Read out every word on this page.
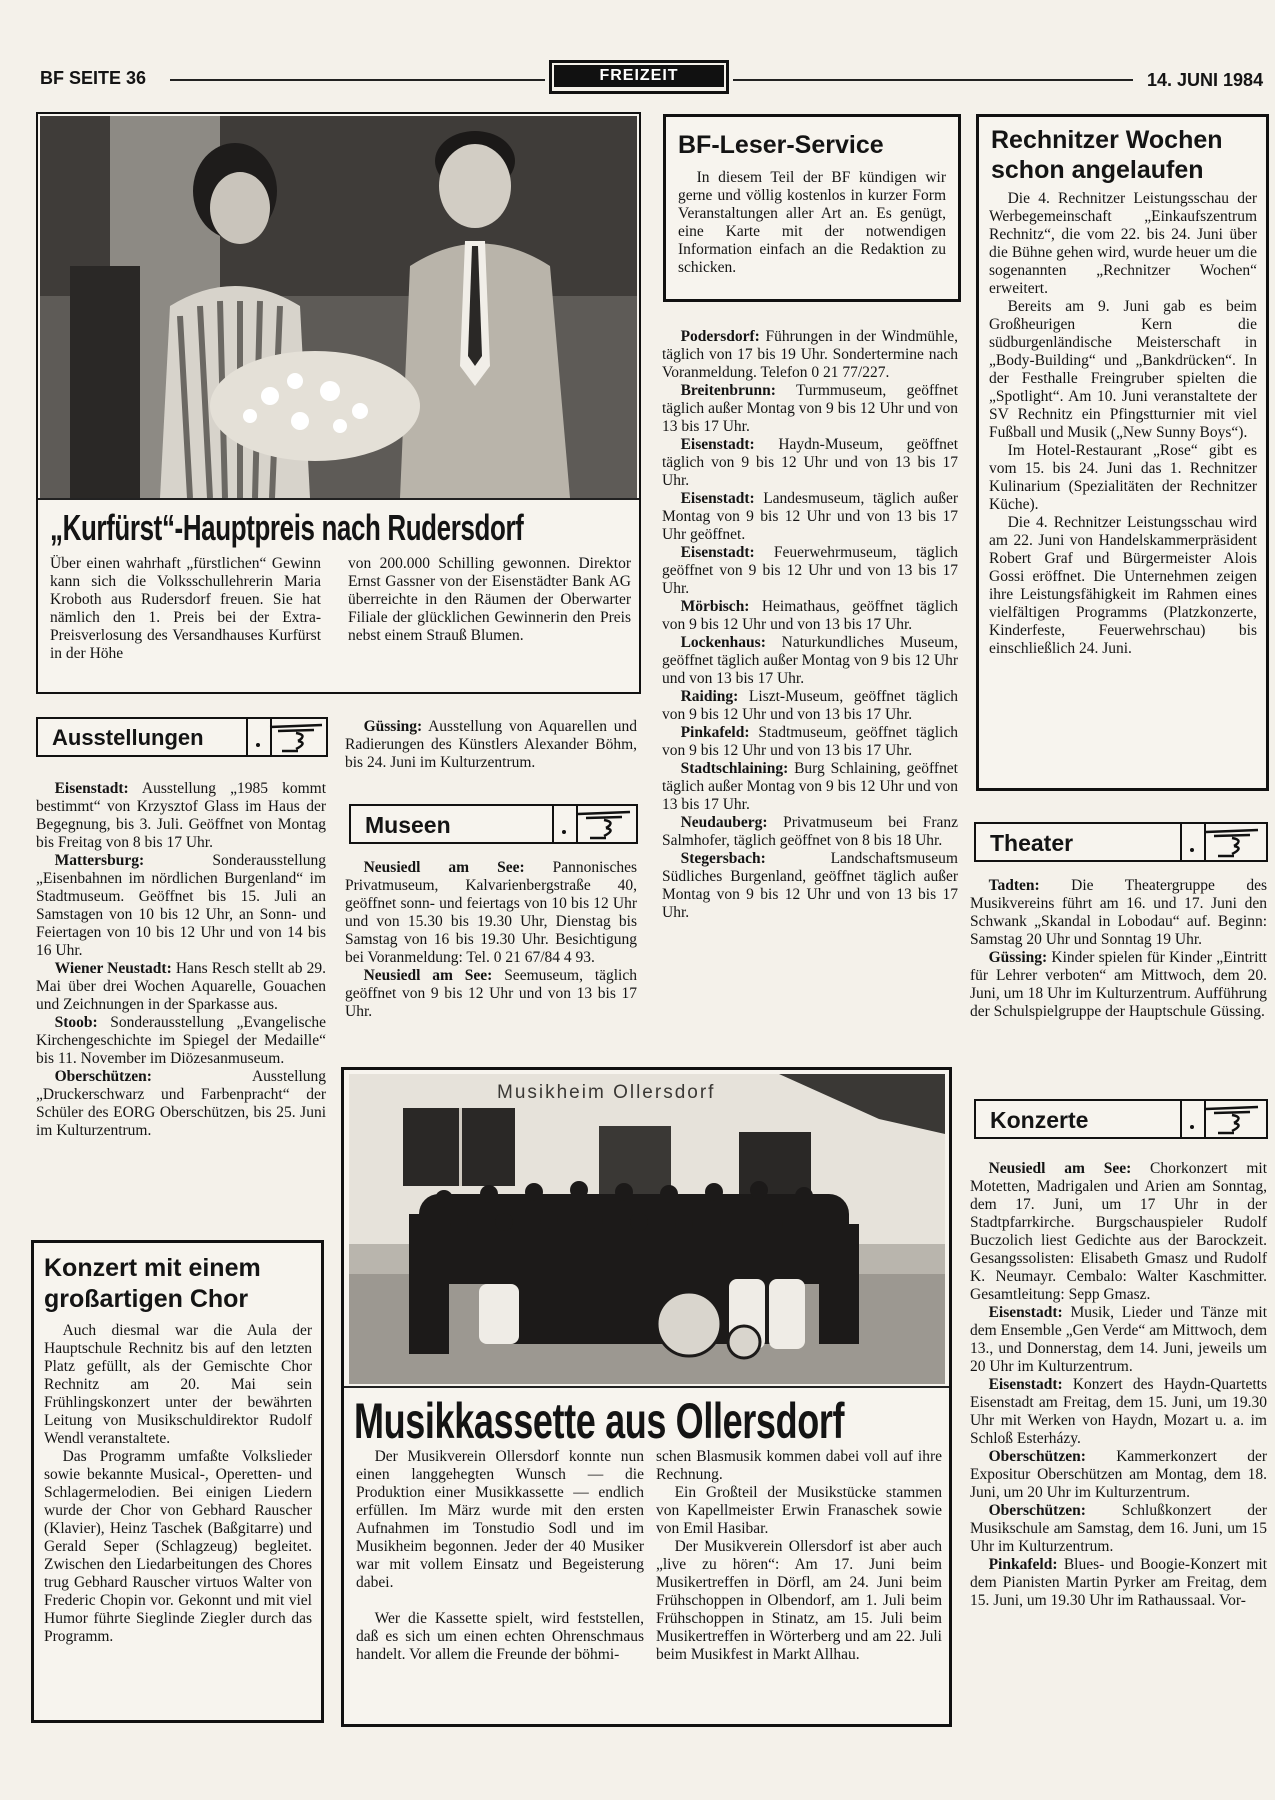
BF SEITE 36	FREIZEIT	14. JUNI 1984
„Kurfürst“-Hauptpreis nach Rudersdorf
Über einen wahrhaft „fürstlichen“ Gewinn kann sich die Volksschullehrerin Maria Kroboth aus Rudersdorf freuen. Sie hat nämlich den 1. Preis bei der Extra-Preisverlosung des Versandhauses Kurfürst in der Höhe
von 200.000 Schilling gewonnen. Direktor Ernst Gassner von der Eisenstädter Bank AG überreichte in den Räumen der Oberwarter Filiale der glücklichen Gewinnerin den Preis nebst einem Strauß Blumen.
BF-Leser-Service

In diesem Teil der BF kündigen wir gerne und völlig kostenlos in kurzer Form Veranstaltungen aller Art an. Es genügt, eine Karte mit der notwendigen Information einfach an die Redaktion zu schicken.

Rechnitzer Wochen schon angelaufen

Die 4. Rechnitzer Leistungsschau der Werbegemeinschaft „Einkaufszentrum Rechnitz“, die vom 22. bis 24. Juni über die Bühne gehen wird, wurde heuer um die sogenannten „Rechnitzer Wochen“ erweitert.

Bereits am 9. Juni gab es beim Großheurigen Kern die südburgenländische Meisterschaft in „Body-Building“ und „Bankdrücken“. In der Festhalle Freingruber spielten die „Spotlight“. Am 10. Juni veranstaltete der SV Rechnitz ein Pfingstturnier mit viel Fußball und Musik („New Sunny Boys“).

Im Hotel-Restaurant „Rose“ gibt es vom 15. bis 24. Juni das 1. Rechnitzer Kulinarium (Spezialitäten der Rechnitzer Küche).

Die 4. Rechnitzer Leistungsschau wird am 22. Juni von Handelskammerpräsident Robert Graf und Bürgermeister Alois Gossi eröffnet. Die Unternehmen zeigen ihre Leistungsfähigkeit im Rahmen eines vielfältigen Programms (Platzkonzerte, Kinderfeste, Feuerwehrschau) bis einschließlich 24. Juni.

Podersdorf: Führungen in der Windmühle, täglich von 17 bis 19 Uhr. Sondertermine nach Voranmeldung. Telefon 0 21 77/227.

Breitenbrunn: Turmmuseum, geöffnet täglich außer Montag von 9 bis 12 Uhr und von 13 bis 17 Uhr.

Eisenstadt: Haydn-Museum, geöffnet täglich von 9 bis 12 Uhr und von 13 bis 17 Uhr.

Eisenstadt: Landesmuseum, täglich außer Montag von 9 bis 12 Uhr und von 13 bis 17 Uhr geöffnet.

Eisenstadt: Feuerwehrmuseum, täglich geöffnet von 9 bis 12 Uhr und von 13 bis 17 Uhr.

Mörbisch: Heimathaus, geöffnet täglich von 9 bis 12 Uhr und von 13 bis 17 Uhr.

Lockenhaus: Naturkundliches Museum, geöffnet täglich außer Montag von 9 bis 12 Uhr und von 13 bis 17 Uhr.

Raiding: Liszt-Museum, geöffnet täglich von 9 bis 12 Uhr und von 13 bis 17 Uhr.

Pinkafeld: Stadtmuseum, geöffnet täglich von 9 bis 12 Uhr und von 13 bis 17 Uhr.

Stadtschlaining: Burg Schlaining, geöffnet täglich außer Montag von 9 bis 12 Uhr und von 13 bis 17 Uhr.

Neudauberg: Privatmuseum bei Franz Salmhofer, täglich geöffnet von 8 bis 18 Uhr.

Stegersbach: Landschaftsmuseum Südliches Burgenland, geöffnet täglich außer Montag von 9 bis 12 Uhr und von 13 bis 17 Uhr.

Ausstellungen

Eisenstadt: Ausstellung „1985 kommt bestimmt“ von Krzysztof Glass im Haus der Begegnung, bis 3. Juli. Geöffnet von Montag bis Freitag von 8 bis 17 Uhr.

Mattersburg: Sonderausstellung „Eisenbahnen im nördlichen Burgenland“ im Stadtmuseum. Geöffnet bis 15. Juli an Samstagen von 10 bis 12 Uhr, an Sonn- und Feiertagen von 10 bis 12 Uhr und von 14 bis 16 Uhr.

Wiener Neustadt: Hans Resch stellt ab 29. Mai über drei Wochen Aquarelle, Gouachen und Zeichnungen in der Sparkasse aus.

Stoob: Sonderausstellung „Evangelische Kirchengeschichte im Spiegel der Medaille“ bis 11. November im Diözesanmuseum.

Oberschützen: Ausstellung „Druckerschwarz und Farbenpracht“ der Schüler des EORG Oberschützen, bis 25. Juni im Kulturzentrum.

Güssing: Ausstellung von Aquarellen und Radierungen des Künstlers Alexander Böhm, bis 24. Juni im Kulturzentrum.

Museen

Neusiedl am See: Pannonisches Privatmuseum, Kalvarienbergstraße 40, geöffnet sonn- und feiertags von 10 bis 12 Uhr und von 15.30 bis 19.30 Uhr, Dienstag bis Samstag von 16 bis 19.30 Uhr. Besichtigung bei Voranmeldung: Tel. 0 21 67/84 4 93.

Neusiedl am See: Seemuseum, täglich geöffnet von 9 bis 12 Uhr und von 13 bis 17 Uhr.

Theater

Tadten: Die Theatergruppe des Musikvereins führt am 16. und 17. Juni den Schwank „Skandal in Lobodau“ auf. Beginn: Samstag 20 Uhr und Sonntag 19 Uhr.

Güssing: Kinder spielen für Kinder „Eintritt für Lehrer verboten“ am Mittwoch, dem 20. Juni, um 18 Uhr im Kulturzentrum. Aufführung der Schulspielgruppe der Hauptschule Güssing.

Konzerte

Neusiedl am See: Chorkonzert mit Motetten, Madrigalen und Arien am Sonntag, dem 17. Juni, um 17 Uhr in der Stadtpfarrkirche. Burgschauspieler Rudolf Buczolich liest Gedichte aus der Barockzeit. Gesangssolisten: Elisabeth Gmasz und Rudolf K. Neumayr. Cembalo: Walter Kaschmitter. Gesamtleitung: Sepp Gmasz.

Eisenstadt: Musik, Lieder und Tänze mit dem Ensemble „Gen Verde“ am Mittwoch, dem 13., und Donnerstag, dem 14. Juni, jeweils um 20 Uhr im Kulturzentrum.

Eisenstadt: Konzert des Haydn-Quartetts Eisenstadt am Freitag, dem 15. Juni, um 19.30 Uhr mit Werken von Haydn, Mozart u. a. im Schloß Esterházy.

Oberschützen: Kammerkonzert der Expositur Oberschützen am Montag, dem 18. Juni, um 20 Uhr im Kulturzentrum.

Oberschützen: Schlußkonzert der Musikschule am Samstag, dem 16. Juni, um 15 Uhr im Kulturzentrum.

Pinkafeld: Blues- und Boogie-Konzert mit dem Pianisten Martin Pyrker am Freitag, dem 15. Juni, um 19.30 Uhr im Rathaussaal. Vor-

Konzert mit einem großartigen Chor

Auch diesmal war die Aula der Hauptschule Rechnitz bis auf den letzten Platz gefüllt, als der Gemischte Chor Rechnitz am 20. Mai sein Frühlingskonzert unter der bewährten Leitung von Musikschuldirektor Rudolf Wendl veranstaltete.

Das Programm umfaßte Volkslieder sowie bekannte Musical-, Operetten- und Schlagermelodien. Bei einigen Liedern wurde der Chor von Gebhard Rauscher (Klavier), Heinz Taschek (Baßgitarre) und Gerald Seper (Schlagzeug) begleitet. Zwischen den Liedarbeitungen des Chores trug Gebhard Rauscher virtuos Walter von Frederic Chopin vor. Gekonnt und mit viel Humor führte Sieglinde Ziegler durch das Programm.

Musikheim Ollersdorf
Musikkassette aus Ollersdorf

Der Musikverein Ollersdorf konnte nun einen langgehegten Wunsch — die Produktion einer Musikkassette — endlich erfüllen. Im März wurde mit den ersten Aufnahmen im Tonstudio Sodl und im Musikheim begonnen. Jeder der 40 Musiker war mit vollem Einsatz und Begeisterung dabei.

Wer die Kassette spielt, wird feststellen, daß es sich um einen echten Ohrenschmaus handelt. Vor allem die Freunde der böhmi-

schen Blasmusik kommen dabei voll auf ihre Rechnung.

Ein Großteil der Musikstücke stammen von Kapellmeister Erwin Franaschek sowie von Emil Hasibar.

Der Musikverein Ollersdorf ist aber auch „live zu hören“: Am 17. Juni beim Musikertreffen in Dörfl, am 24. Juni beim Frühschoppen in Olbendorf, am 1. Juli beim Frühschoppen in Stinatz, am 15. Juli beim Musikertreffen in Wörterberg und am 22. Juli beim Musikfest in Markt Allhau.
